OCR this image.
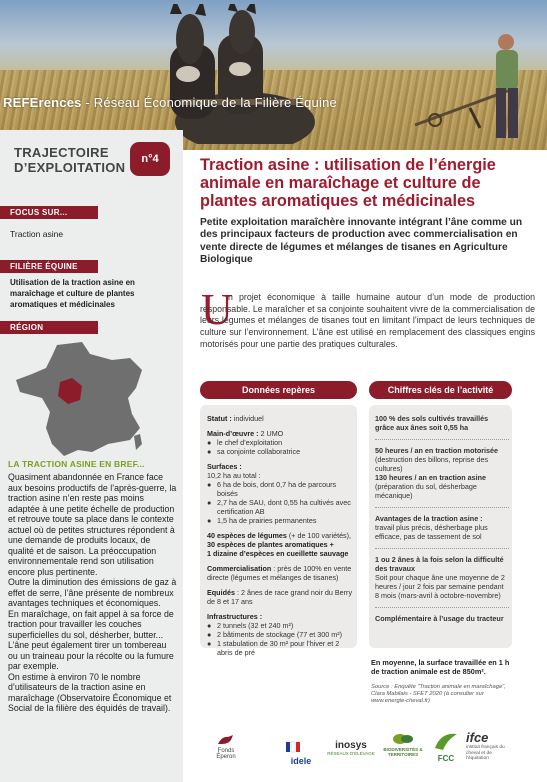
REFErences - Réseau Économique de la Filière Équine
TRAJECTOIRE
D’EXPLOITATION
n°4
FOCUS SUR...
Traction asine
FILIÈRE ÉQUINE
Utilisation de la traction asine en maraîchage et culture de plantes aromatiques et médicinales
RÉGION
LA TRACTION ASINE EN BREF...

Quasiment abandonnée en France face aux besoins productifs de l’après-guerre, la traction asine n’en reste pas moins adaptée à une petite échelle de production et retrouve toute sa place dans le contexte actuel où de petites structures répondent à une demande de produits locaux, de qualité et de saison. La préoccupation environnementale rend son utilisation encore plus pertinente.

Outre la diminution des émissions de gaz à effet de serre, l’âne présente de nombreux avantages techniques et économiques.

En maraîchage, on fait appel à sa force de traction pour travailler les couches superficielles du sol, désherber, butter... L’âne peut également tirer un tombereau ou un traineau pour la récolte ou la fumure par exemple.

On estime à environ 70 le nombre d’utilisateurs de la traction asine en maraîchage (Observatoire Économique et Social de la filière des équidés de travail).

Traction asine : utilisation de l’énergie animale en maraîchage et culture de plantes aromatiques et médicinales
Petite exploitation maraîchère innovante intégrant l’âne comme un des principaux facteurs de production avec commercialisation en vente directe de légumes et mélanges de tisanes en Agriculture Biologique
U
n projet économique à taille humaine autour d’un mode de production responsable. Le maraîcher et sa conjointe souhaitent vivre de la commercialisation de leurs légumes et mélanges de tisanes tout en limitant l’impact de leurs techniques de culture sur l’environnement. L’âne est utilisé en remplacement des classiques engins motorisés pour une partie des pratiques culturales.
Données repères	Chiffres clés de l’activité
Statut : individuel
Main-d’œuvre : 2 UMO
● le chef d’exploitation
● sa conjointe collaboratrice
Surfaces :
10,2 ha au total :
● 6 ha de bois, dont 0,7 ha de parcours boisés
● 2,7 ha de SAU, dont 0,55 ha cultivés avec certification AB
● 1,5 ha de prairies permanentes
40 espèces de légumes (+ de 100 variétés),
30 espèces de plantes aromatiques +
1 dizaine d’espèces en cueillette sauvage
Commercialisation : près de 100% en vente directe (légumes et mélanges de tisanes)
Equidés : 2 ânes de race grand noir du Berry de 8 et 17 ans
Infrastructures :
● 2 tunnels (32 et 240 m²)
● 2 bâtiments de stockage (77 et 300 m²)
● 1 stabulation de 30 m² pour l’hiver et 2 abris de pré
100 % des sols cultivés travaillés grâce aux ânes soit 0,55 ha
50 heures / an en traction motorisée
(destruction des billons, reprise des cultures)
130 heures / an en traction asine
(préparation du sol, désherbage mécanique)
Avantages de la traction asine :
travail plus précis, désherbage plus efficace, pas de tassement de sol
1 ou 2 ânes à la fois selon la difficulté des travaux
Soit pour chaque âne une moyenne de 2 heures / jour 2 fois par semaine pendant 8 mois (mars-avril à octobre-novembre)
Complémentaire à l’usage du tracteur
En moyenne, la surface travaillée en 1 h de traction animale est de 850m².
Source : Enquête "Traction animale en maraîchage", Clara Mabilais - SFET 2020 (à consulter sur www.energie-cheval.fr)
Fonds Éperon	idele
inosys
RÉSEAUX D'ÉLEVAGE
BIODIVERSITÉS & TERRITOIRES	FCC
ifce
institut français du cheval et de l'équitation
